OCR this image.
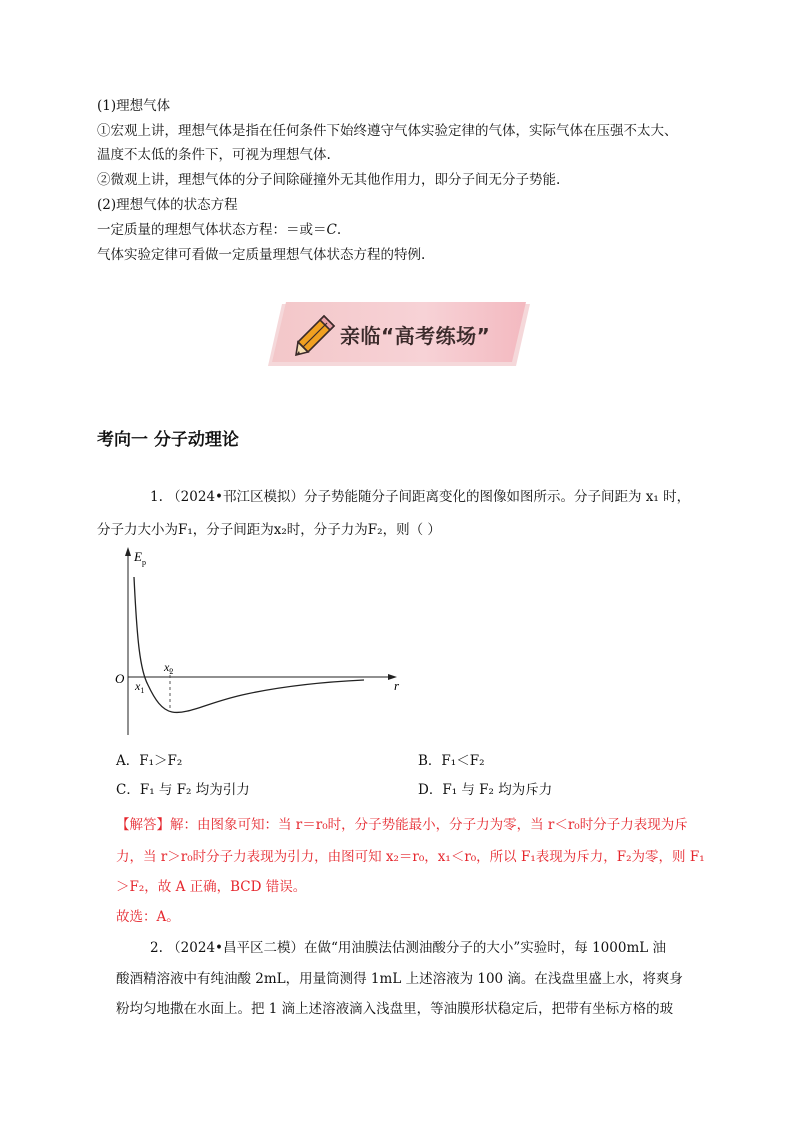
(1)理想气体
①宏观上讲，理想气体是指在任何条件下始终遵守气体实验定律的气体，实际气体在压强不太大、
温度不太低的条件下，可视为理想气体.
②微观上讲，理想气体的分子间除碰撞外无其他作用力，即分子间无分子势能.
(2)理想气体的状态方程
一定质量的理想气体状态方程：＝或＝C.
气体实验定律可看做一定质量理想气体状态方程的特例.
亲临“高考练场”
考向一 分子动理论
1. （2024•邗江区模拟）分子势能随分子间距离变化的图像如图所示。分子间距为 x₁ 时，
分子力大小为F₁，分子间距为x₂时，分子力为F₂，则（ ）
$E_p$
O	r
$x_1$
$x_2$
A．F₁＞F₂	B．F₁＜F₂
C．F₁ 与 F₂ 均为引力	D．F₁ 与 F₂ 均为斥力
【解答】解：由图象可知：当 r＝r₀时，分子势能最小，分子力为零，当 r＜r₀时分子力表现为斥
力，当 r＞r₀时分子力表现为引力，由图可知 x₂＝r₀，x₁＜r₀，所以 F₁表现为斥力，F₂为零，则 F₁
＞F₂，故 A 正确，BCD 错误。
故选：A。
2. （2024•昌平区二模）在做“用油膜法估测油酸分子的大小”实验时，每 1000mL 油
酸酒精溶液中有纯油酸 2mL，用量筒测得 1mL 上述溶液为 100 滴。在浅盘里盛上水，将爽身
粉均匀地撒在水面上。把 1 滴上述溶液滴入浅盘里，等油膜形状稳定后，把带有坐标方格的玻
